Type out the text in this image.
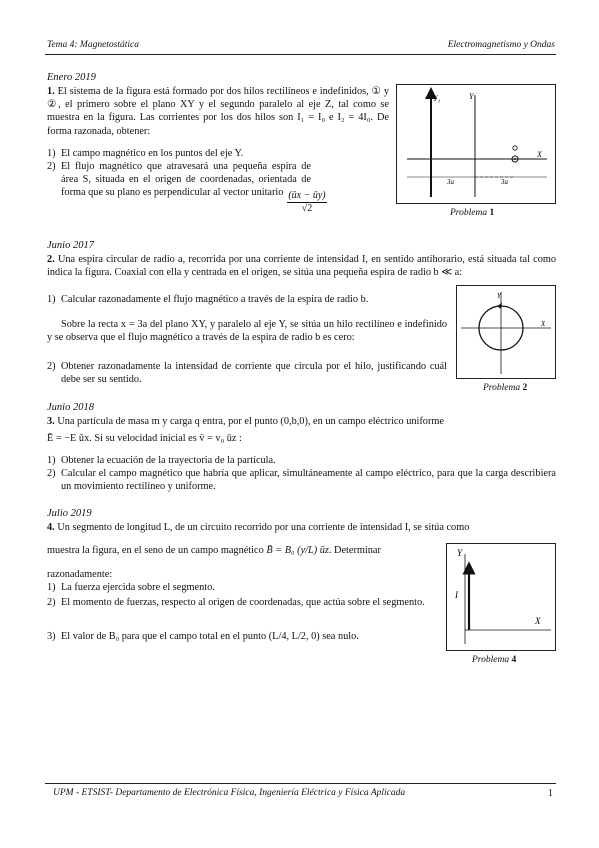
Tema 4: Magnetostática	Electromagnetismo y Ondas
Enero 2019
1. El sistema de la figura está formado por dos hilos rectilíneos e indefinidos, ① y ②, el primero sobre el plano XY y el segundo paralelo al eje Z, tal como se muestra en la figura. Las corrientes por los dos hilos son I₁ = I₀ e I₂ = 4I₀. De forma razonada, obtener:
1) El campo magnético en los puntos del eje Y.
2) El flujo magnético que atravesará una pequeña espira de área S, situada en el origen de coordenadas, orientada de forma que su plano es perpendicular al vector unitario (ūx − ūy)
√2
Y₁	Y
X
3a	3a
Problema 1
Junio 2017
2. Una espira circular de radio a, recorrida por una corriente de intensidad I, en sentido antihorario, está situada tal como indica la figura. Coaxial con ella y centrada en el origen, se sitúa una pequeña espira de radio b ≪ a:
1) Calcular razonadamente el flujo magnético a través de la espira de radio b.
Sobre la recta x = 3a del plano XY, y paralelo al eje Y, se sitúa un hilo rectilíneo e indefinido y se observa que el flujo magnético a través de la espira de radio b es cero:
2) Obtener razonadamente la intensidad de corriente que circula por el hilo, justificando cuál debe ser su sentido.
Y
X
Problema 2
Junio 2018
3. Una partícula de masa m y carga q entra, por el punto (0,b,0), en un campo eléctrico uniforme
Ē = −E ūx. Si su velocidad inicial es v̄ = v₀ ūz :
1) Obtener la ecuación de la trayectoria de la partícula.
2) Calcular el campo magnético que habría que aplicar, simultáneamente al campo eléctrico, para que la carga describiera un movimiento rectilíneo y uniforme.
Julio 2019
4. Un segmento de longitud L, de un circuito recorrido por una corriente de intensidad I, se sitúa como
muestra la figura, en el seno de un campo magnético B̄ = B₀ (y/L) ūz. Determinar
razonadamente:
1) La fuerza ejercida sobre el segmento.
2) El momento de fuerzas, respecto al origen de coordenadas, que actúa sobre el segmento.
3) El valor de B₀ para que el campo total en el punto (L/4, L/2, 0) sea nulo.
Y
X
I
Problema 4
UPM - ETSIST- Departamento de Electrónica Física, Ingeniería Eléctrica y Física Aplicada	1
